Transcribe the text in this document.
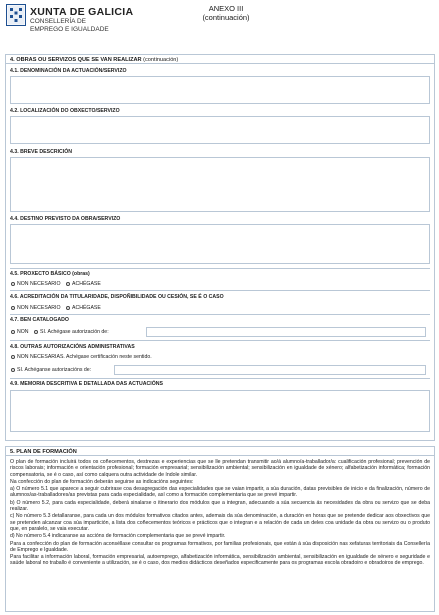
XUNTA DE GALICIA
CONSELLERÍA DE
EMPREGO E IGUALDADE
ANEXO III
(continuación)
4. OBRAS OU SERVIZOS QUE SE VAN REALIZAR (continuación)
4.1. DENOMINACIÓN DA ACTUACIÓN/SERVIZO
4.2. LOCALIZACIÓN DO OBXECTO/SERVIZO
4.3. BREVE DESCRICIÓN
4.4. DESTINO PREVISTO DA OBRA/SERVIZO
4.5. PROXECTO BÁSICO (obras)
NON NECESARIO ACHÉGASE
4.6. ACREDITACIÓN DA TITULARIDADE, DISPOÑIBILIDADE OU CESIÓN, SE É O CASO
NON NECESARIO ACHÉGASE
4.7. BEN CATALOGADO
NON SI. Achégase autorización de:
4.8. OUTRAS AUTORIZACIÓNS ADMINISTRATIVAS
NON NECESARIAS. Achégase certificación neste sentido.
SI. Achéganse autorizacións de:
4.9. MEMORIA DESCRITIVA E DETALLADA DAS ACTUACIÓNS
5. PLAN DE FORMACIÓN

O plan de formación incluirá todos os coñecementos, destrezas e experiencias que se lle pretendan transmitir ao/á alumno/a-traballador/a: cualificación profesional; prevención de riscos laborais; información e orientación profesional; formación empresarial; sensibilización ambiental; sensibilización en igualdade de xénero; alfabetización informática; formación compensatoria, se é o caso, así como calquera outra actividade de índole similar.

Na confección do plan de formación deberán seguirse as indicacións seguintes:

a) O número 5.1 que aparece a seguir cubrirase coa desagregación das especialidades que se vaian impartir, a súa duración, datas previsibles de inicio e da finalización, número de alumnos/as-traballadores/as previstas para cada especialidade, así como a formación complementaria que se prevé impartir.

b) O número 5.2, para cada especialidade, deberá sinalarse o itinerario dos módulos que a integran, adecuando a súa secuencia ás necesidades da obra ou servizo que se deba realizar.

c) No número 5.3 detallaranse, para cada un dos módulos formativos citados antes, ademais da súa denominación, a duración en horas que se pretende dedicar aos obxectivos que se pretenden alcanzar coa súa impartición, a lista dos coñecementos teóricos e prácticos que o integran e a relación de cada un deles coa unidade da obra ou servizo ou o produto que, en paralelo, se vaia executar.

d) No número 5.4 indicaranse as accións de formación complementaria que se prevé impartir.

Para a confección do plan de formación aconséllase consultar os programas formativos, por familias profesionais, que están á súa disposición nas xefaturas territoriais da Consellería de Emprego e Igualdade.

Para facilitar a información laboral, formación empresarial, autoemprego, alfabetización informática, sensibilización ambiental, sensibilización en igualdade de xénero e seguridade e saúde laboral no traballo é conveniente a utilización, se é o caso, dos medios didácticos deseñados especificamente para os programas escola obradoiro e obradoiros de emprego.
